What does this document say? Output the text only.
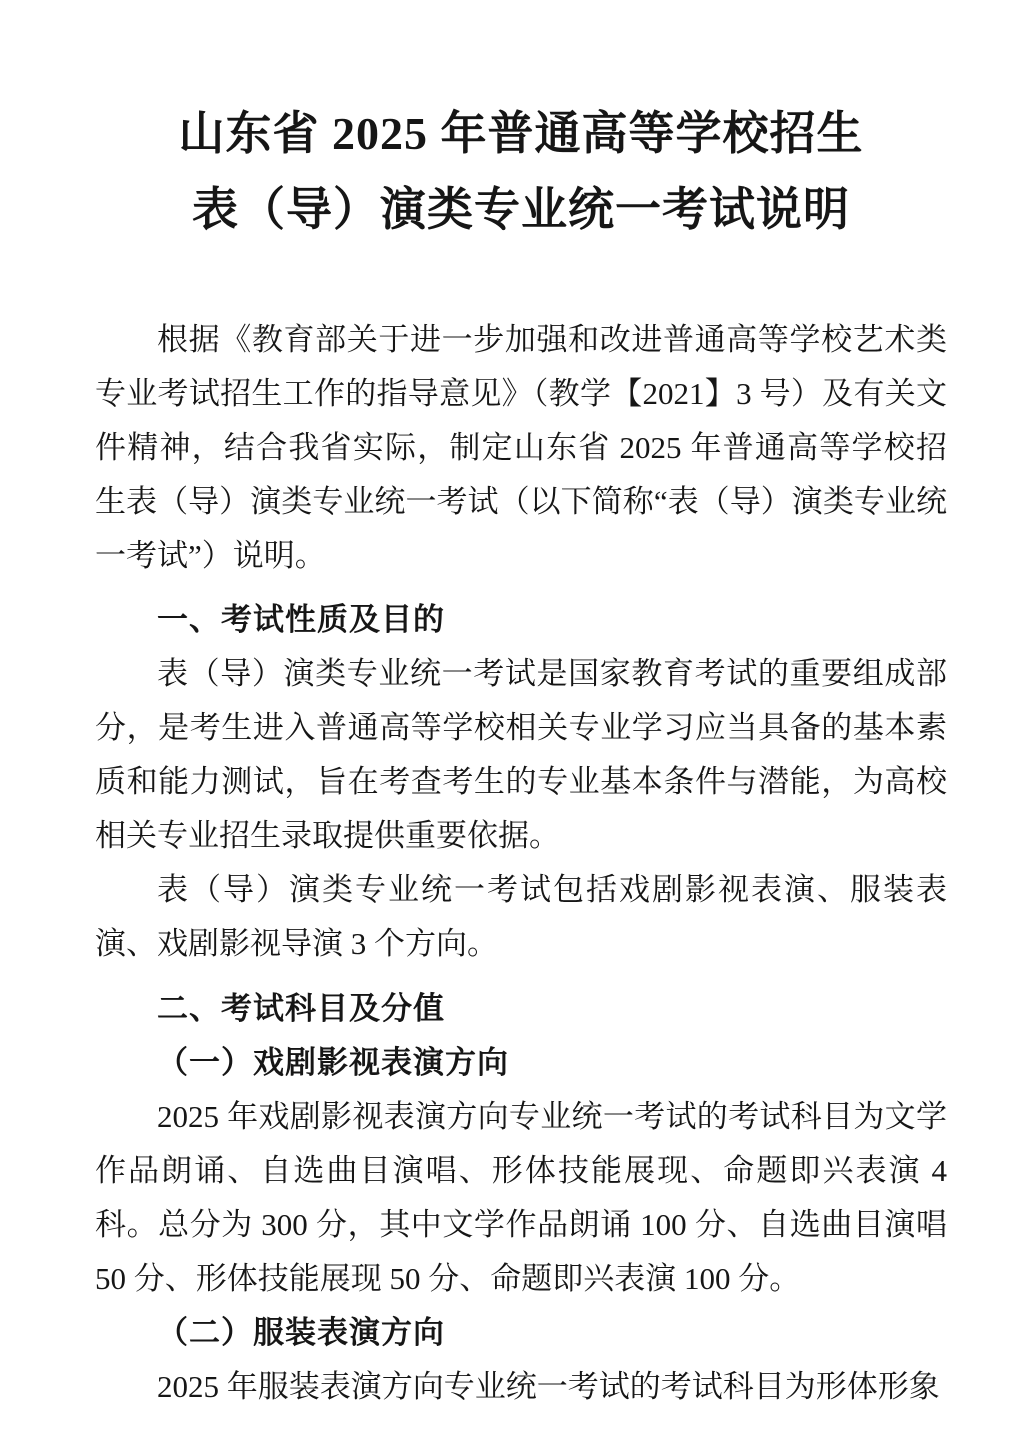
山东省 2025 年普通高等学校招生
表（导）演类专业统一考试说明

根据《教育部关于进一步加强和改进普通高等学校艺术类专业考试招生工作的指导意见》（教学【2021】3 号）及有关文件精神，结合我省实际，制定山东省 2025 年普通高等学校招生表（导）演类专业统一考试（以下简称“表（导）演类专业统一考试”）说明。

一、考试性质及目的

表（导）演类专业统一考试是国家教育考试的重要组成部分，是考生进入普通高等学校相关专业学习应当具备的基本素质和能力测试，旨在考查考生的专业基本条件与潜能，为高校相关专业招生录取提供重要依据。

表（导）演类专业统一考试包括戏剧影视表演、服装表演、戏剧影视导演 3 个方向。

二、考试科目及分值
（一）戏剧影视表演方向

2025 年戏剧影视表演方向专业统一考试的考试科目为文学作品朗诵、自选曲目演唱、形体技能展现、命题即兴表演 4 科。总分为 300 分，其中文学作品朗诵 100 分、自选曲目演唱 50 分、形体技能展现 50 分、命题即兴表演 100 分。

（二）服装表演方向

2025 年服装表演方向专业统一考试的考试科目为形体形象
